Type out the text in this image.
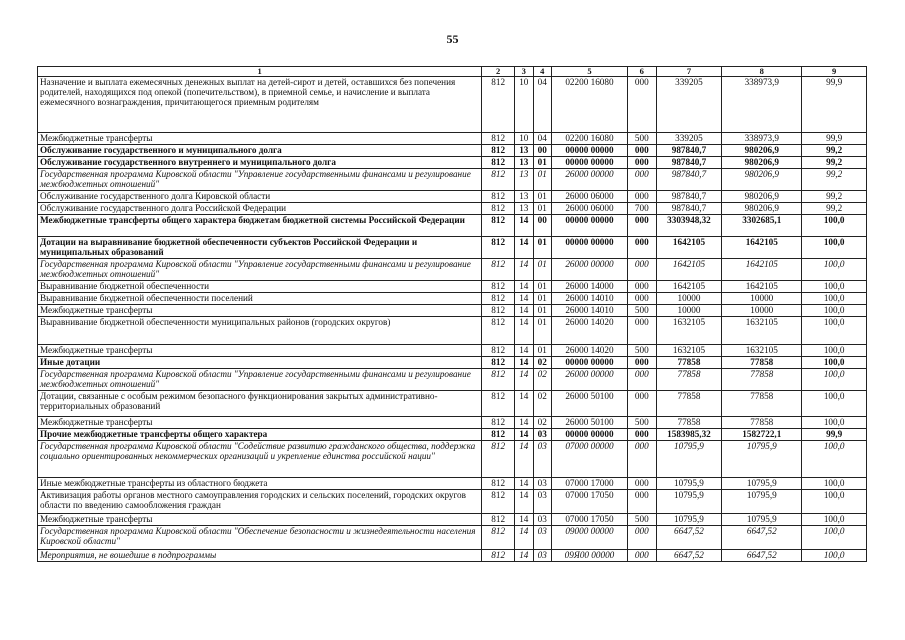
55
1	2	3	4	5	6	7	8	9
Назначение и выплата ежемесячных денежных выплат на детей-сирот и детей, оставшихся без попечения родителей, находящихся под опекой (попечительством), в приемной семье, и начисление и выплата ежемесячного вознаграждения, причитающегося приемным родителям	812	10	04	02200 16080	000	339205	338973,9	99,9
Межбюджетные трансферты	812	10	04	02200 16080	500	339205	338973,9	99,9
Обслуживание государственного и муниципального долга	812	13	00	00000 00000	000	987840,7	980206,9	99,2
Обслуживание государственного внутреннего и муниципального долга	812	13	01	00000 00000	000	987840,7	980206,9	99,2
Государственная программа Кировской области "Управление государственными финансами и регулирование межбюджетных отношений"	812	13	01	26000 00000	000	987840,7	980206,9	99,2
Обслуживание государственного долга Кировской области	812	13	01	26000 06000	000	987840,7	980206,9	99,2
Обслуживание государственного долга Российской Федерации	812	13	01	26000 06000	700	987840,7	980206,9	99,2
Межбюджетные трансферты общего характера бюджетам бюджетной системы Российской Федерации	812	14	00	00000 00000	000	3303948,32	3302685,1	100,0
Дотации на выравнивание бюджетной обеспеченности субъектов Российской Федерации и муниципальных образований	812	14	01	00000 00000	000	1642105	1642105	100,0
Государственная программа Кировской области "Управление государственными финансами и регулирование межбюджетных отношений"	812	14	01	26000 00000	000	1642105	1642105	100,0
Выравнивание бюджетной обеспеченности	812	14	01	26000 14000	000	1642105	1642105	100,0
Выравнивание бюджетной обеспеченности поселений	812	14	01	26000 14010	000	10000	10000	100,0
Межбюджетные трансферты	812	14	01	26000 14010	500	10000	10000	100,0
Выравнивание бюджетной обеспеченности муниципальных районов (городских округов)	812	14	01	26000 14020	000	1632105	1632105	100,0
Межбюджетные трансферты	812	14	01	26000 14020	500	1632105	1632105	100,0
Иные дотации	812	14	02	00000 00000	000	77858	77858	100,0
Государственная программа Кировской области "Управление государственными финансами и регулирование межбюджетных отношений"	812	14	02	26000 00000	000	77858	77858	100,0
Дотации, связанные с особым режимом безопасного функционирования закрытых административно-территориальных образований	812	14	02	26000 50100	000	77858	77858	100,0
Межбюджетные трансферты	812	14	02	26000 50100	500	77858	77858	100,0
Прочие межбюджетные трансферты общего характера	812	14	03	00000 00000	000	1583985,32	1582722,1	99,9
Государственная программа Кировской области "Содействие развитию гражданского общества, поддержка социально ориентированных некоммерческих организаций и укрепление единства российской нации"	812	14	03	07000 00000	000	10795,9	10795,9	100,0
Иные межбюджетные трансферты из областного бюджета	812	14	03	07000 17000	000	10795,9	10795,9	100,0
Активизация работы органов местного самоуправления городских и сельских поселений, городских округов области по введению самообложения граждан	812	14	03	07000 17050	000	10795,9	10795,9	100,0
Межбюджетные трансферты	812	14	03	07000 17050	500	10795,9	10795,9	100,0
Государственная программа Кировской области "Обеспечение безопасности и жизнедеятельности населения Кировской области"	812	14	03	09000 00000	000	6647,52	6647,52	100,0
Мероприятия, не вошедшие в подпрограммы	812	14	03	09Я00 00000	000	6647,52	6647,52	100,0
